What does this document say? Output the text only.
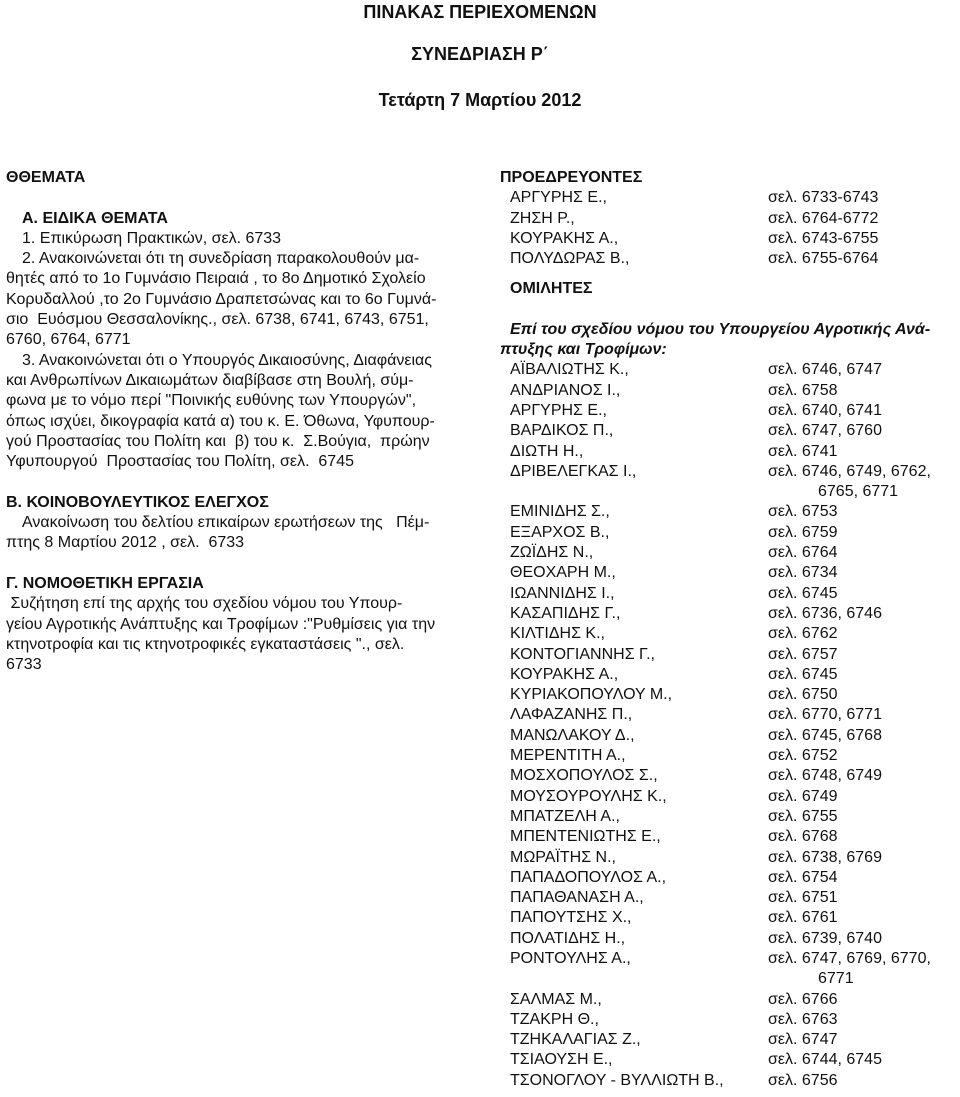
ΠΙΝΑΚΑΣ ΠΕΡΙΕΧΟΜΕΝΩΝ
ΣΥΝΕΔΡΙΑΣΗ Ρ΄
Τετάρτη 7 Μαρτίου 2012
ΘΘΕΜΑΤΑ
Α. ΕΙΔΙΚΑ ΘΕΜΑΤΑ
1. Επικύρωση Πρακτικών, σελ. 6733
2. Ανακοινώνεται ότι τη συνεδρίαση παρακολουθούν μα-
θητές από το 1ο Γυμνάσιο Πειραιά , το 8ο Δημοτικό Σχολείο
Κορυδαλλού ,το 2ο Γυμνάσιο Δραπετσώνας και το 6ο Γυμνά-
σιο  Ευόσμου Θεσσαλονίκης., σελ. 6738, 6741, 6743, 6751,
6760, 6764, 6771
3. Ανακοινώνεται ότι ο Υπουργός Δικαιοσύνης, Διαφάνειας
και Ανθρωπίνων Δικαιωμάτων διαβίβασε στη Βουλή, σύμ-
φωνα με το νόμο περί "Ποινικής ευθύνης των Υπουργών",
όπως ισχύει, δικογραφία κατά α) του κ. Ε. Όθωνα, Υφυπουρ-
γού Προστασίας του Πολίτη και  β) του κ.  Σ.Βούγια,  πρώην
Υφυπουργού  Προστασίας του Πολίτη, σελ.  6745
Β. ΚΟΙΝΟΒΟΥΛΕΥΤΙΚΟΣ ΕΛΕΓΧΟΣ
Ανακοίνωση του δελτίου επικαίρων ερωτήσεων της   Πέμ-
πτης 8 Μαρτίου 2012 , σελ.  6733
Γ. ΝΟΜΟΘΕΤΙΚΗ ΕΡΓΑΣΙΑ
Συζήτηση επί της αρχής του σχεδίου νόμου του Υπουρ-
γείου Αγροτικής Ανάπτυξης και Τροφίμων :"Ρυθμίσεις για την
κτηνοτροφία και τις κτηνοτροφικές εγκαταστάσεις "., σελ.
6733
ΠΡΟΕΔΡΕΥΟΝΤΕΣ
ΑΡΓΥΡΗΣ Ε.,	σελ. 6733-6743
ΖΗΣΗ Ρ.,	σελ. 6764-6772
ΚΟΥΡΑΚΗΣ Α.,	σελ. 6743-6755
ΠΟΛΥΔΩΡΑΣ Β.,	σελ. 6755-6764
ΟΜΙΛΗΤΕΣ
Επί του σχεδίου νόμου του Υπουργείου Αγροτικής Ανά-
πτυξης και Τροφίμων:
ΑΪΒΑΛΙΩΤΗΣ Κ.,	σελ. 6746, 6747
ΑΝΔΡΙΑΝΟΣ Ι.,	σελ. 6758
ΑΡΓΥΡΗΣ Ε.,	σελ. 6740, 6741
ΒΑΡΔΙΚΟΣ Π.,	σελ. 6747, 6760
ΔΙΩΤΗ Η.,	σελ. 6741
ΔΡΙΒΕΛΕΓΚΑΣ Ι.,	σελ. 6746, 6749, 6762,
6765, 6771
ΕΜΙΝΙΔΗΣ Σ.,	σελ. 6753
ΕΞΑΡΧΟΣ Β.,	σελ. 6759
ΖΩΪΔΗΣ Ν.,	σελ. 6764
ΘΕΟΧΑΡΗ Μ.,	σελ. 6734
ΙΩΑΝΝΙΔΗΣ Ι.,	σελ. 6745
ΚΑΣΑΠΙΔΗΣ Γ.,	σελ. 6736, 6746
ΚΙΛΤΙΔΗΣ Κ.,	σελ. 6762
ΚΟΝΤΟΓΙΑΝΝΗΣ Γ.,	σελ. 6757
ΚΟΥΡΑΚΗΣ Α.,	σελ. 6745
ΚΥΡΙΑΚΟΠΟΥΛΟΥ Μ.,	σελ. 6750
ΛΑΦΑΖΑΝΗΣ Π.,	σελ. 6770, 6771
ΜΑΝΩΛΑΚΟΥ Δ.,	σελ. 6745, 6768
ΜΕΡΕΝΤΙΤΗ Α.,	σελ. 6752
ΜΟΣΧΟΠΟΥΛΟΣ Σ.,	σελ. 6748, 6749
ΜΟΥΣΟΥΡΟΥΛΗΣ Κ.,	σελ. 6749
ΜΠΑΤΖΕΛΗ Α.,	σελ. 6755
ΜΠΕΝΤΕΝΙΩΤΗΣ Ε.,	σελ. 6768
ΜΩΡΑΪΤΗΣ Ν.,	σελ. 6738, 6769
ΠΑΠΑΔΟΠΟΥΛΟΣ Α.,	σελ. 6754
ΠΑΠΑΘΑΝΑΣΗ Α.,	σελ. 6751
ΠΑΠΟΥΤΣΗΣ Χ.,	σελ. 6761
ΠΟΛΑΤΙΔΗΣ Η.,	σελ. 6739, 6740
ΡΟΝΤΟΥΛΗΣ Α.,	σελ. 6747, 6769, 6770,
6771
ΣΑΛΜΑΣ Μ.,	σελ. 6766
ΤΖΑΚΡΗ Θ.,	σελ. 6763
ΤΖΗΚΑΛΑΓΙΑΣ Ζ.,	σελ. 6747
ΤΣΙΑΟΥΣΗ Ε.,	σελ. 6744, 6745
ΤΣΟΝΟΓΛΟΥ - ΒΥΛΛΙΩΤΗ Β.,	σελ. 6756
